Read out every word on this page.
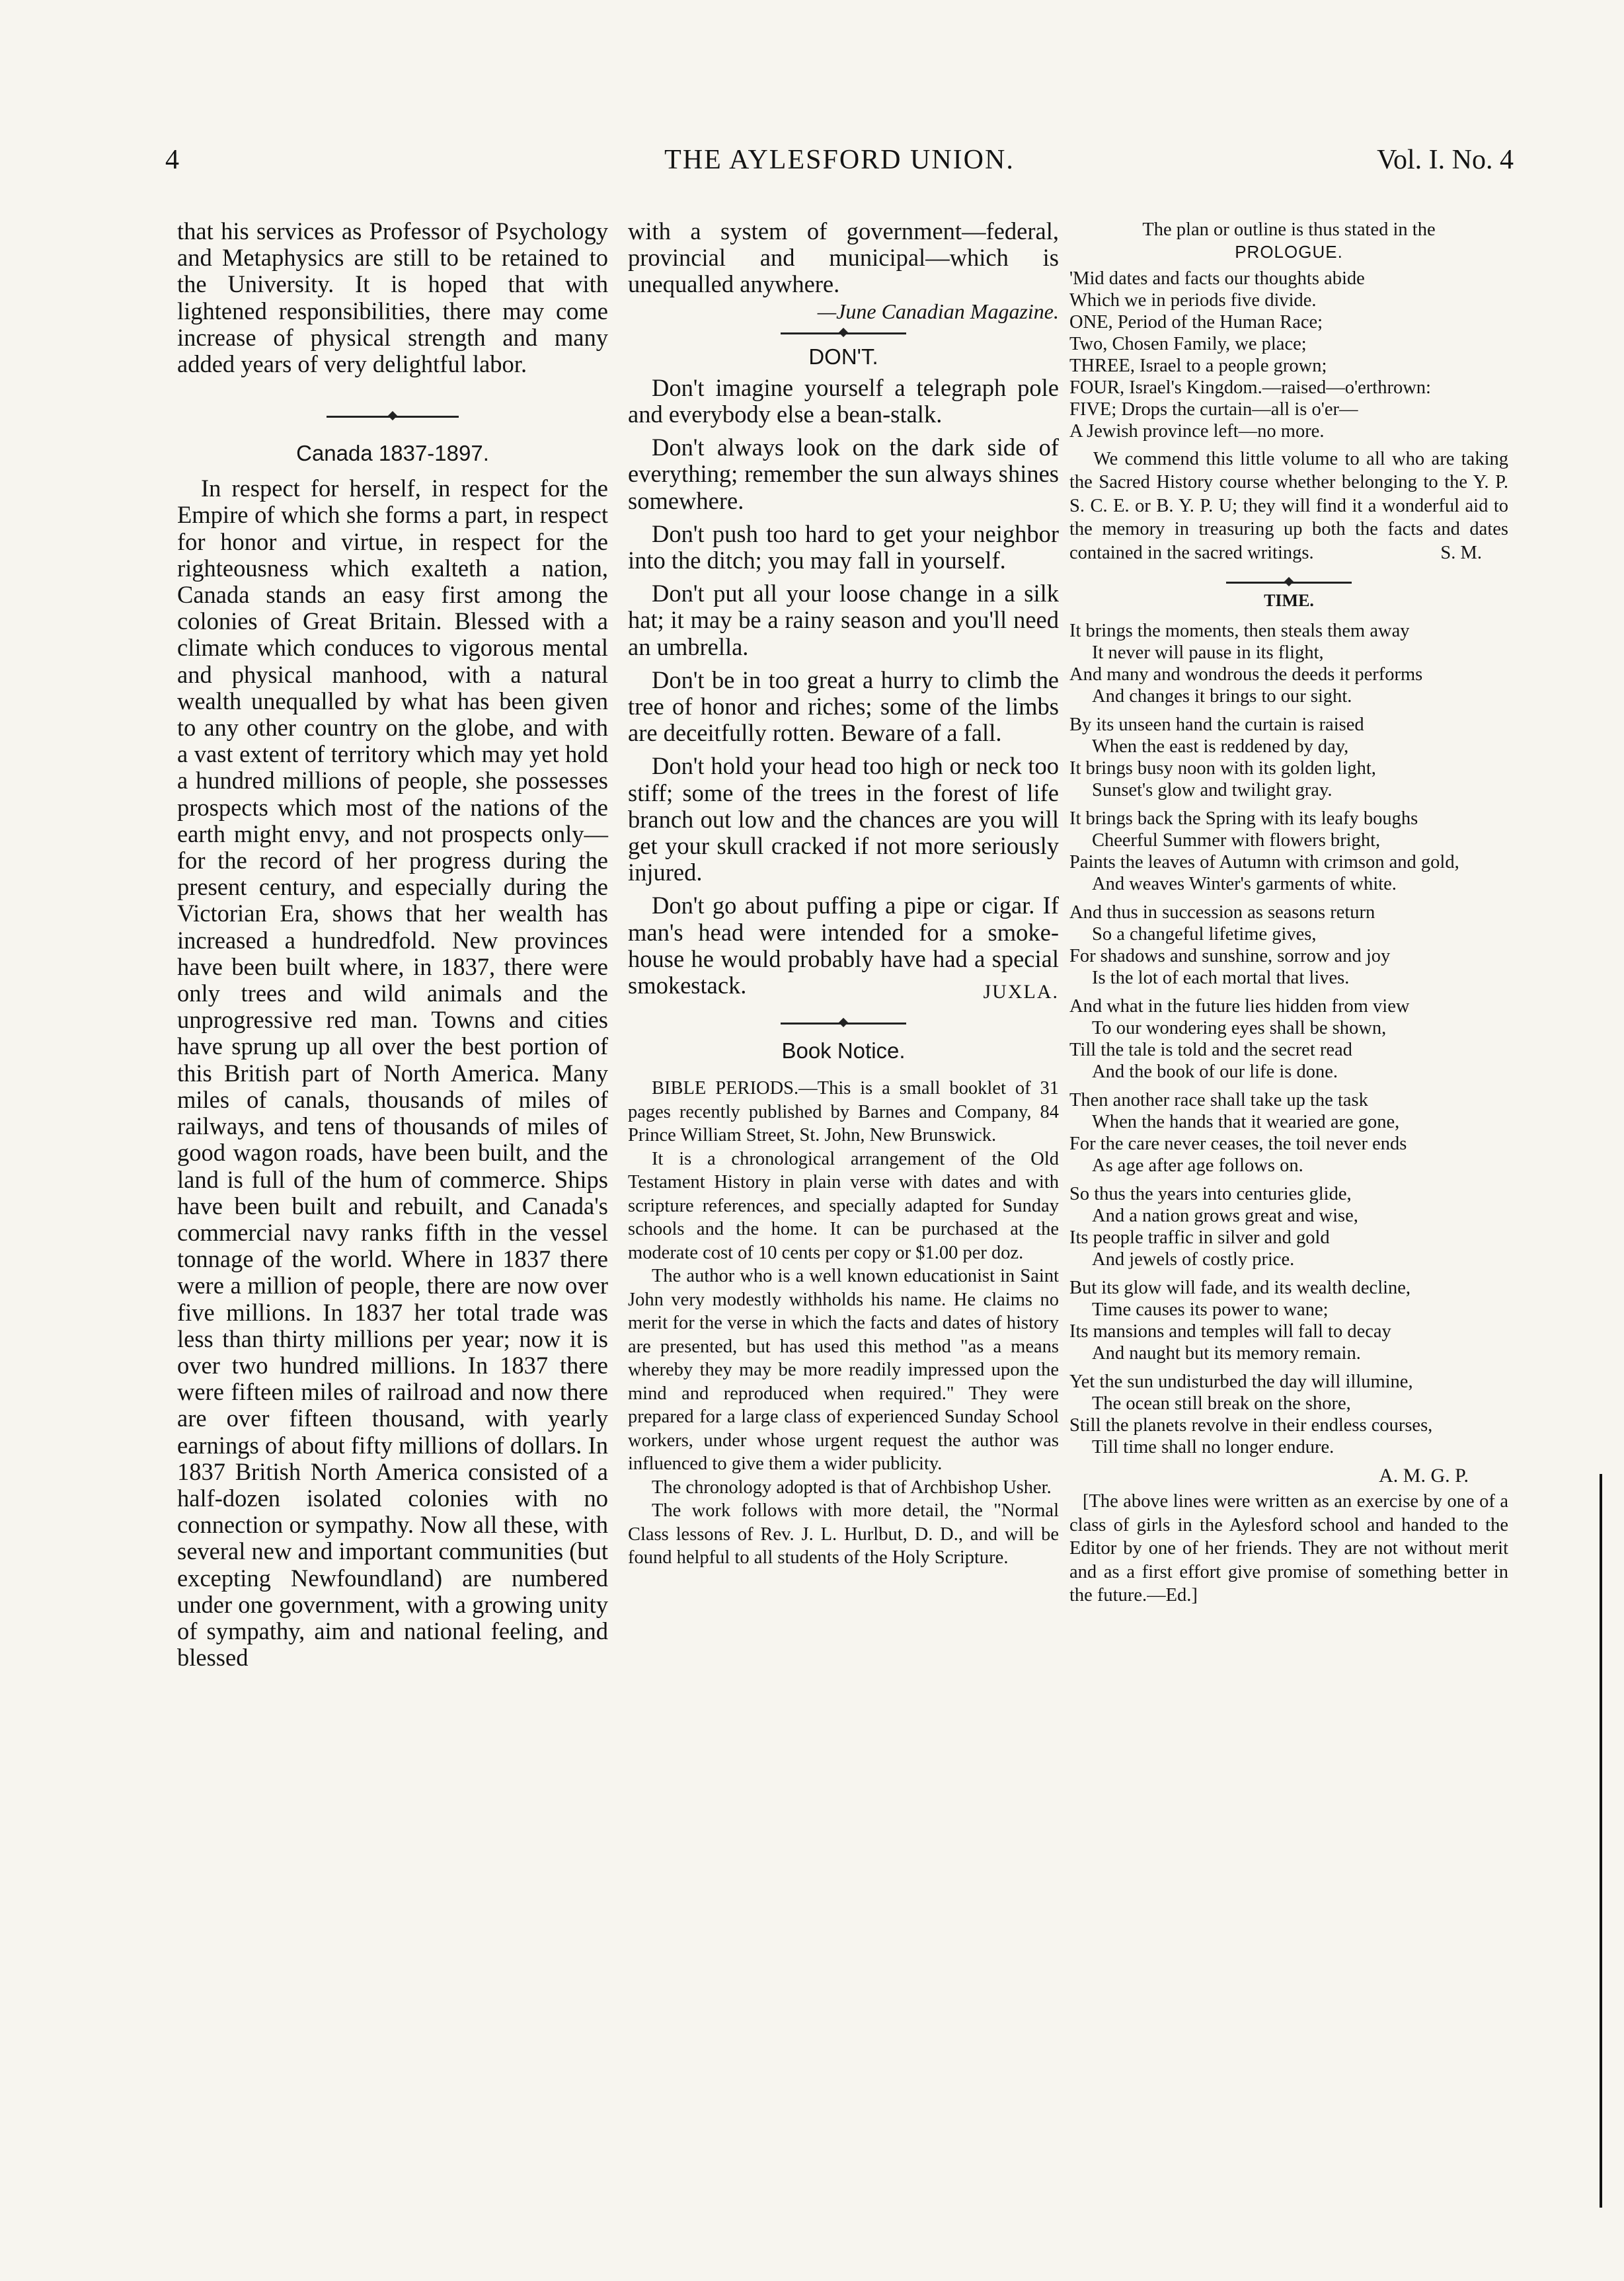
4	THE AYLESFORD UNION.	Vol. I. No. 4

that his services as Professor of Psychology and Metaphysics are still to be retained to the University. It is hoped that with lightened responsibilities, there may come increase of physical strength and many added years of very delightful labor.

Canada 1837-1897.

In respect for herself, in respect for the Empire of which she forms a part, in respect for honor and virtue, in respect for the righteousness which exalteth a nation, Canada stands an easy first among the colonies of Great Britain. Blessed with a climate which conduces to vigorous mental and physical manhood, with a natural wealth unequalled by what has been given to any other country on the globe, and with a vast extent of territory which may yet hold a hundred millions of people, she possesses prospects which most of the nations of the earth might envy, and not prospects only—for the record of her progress during the present century, and especially during the Victorian Era, shows that her wealth has increased a hundredfold. New provinces have been built where, in 1837, there were only trees and wild animals and the unprogressive red man. Towns and cities have sprung up all over the best portion of this British part of North America. Many miles of canals, thousands of miles of railways, and tens of thousands of miles of good wagon roads, have been built, and the land is full of the hum of commerce. Ships have been built and rebuilt, and Canada's commercial navy ranks fifth in the vessel tonnage of the world. Where in 1837 there were a million of people, there are now over five millions. In 1837 her total trade was less than thirty millions per year; now it is over two hundred millions. In 1837 there were fifteen miles of railroad and now there are over fifteen thousand, with yearly earnings of about fifty millions of dollars. In 1837 British North America consisted of a half-dozen isolated colonies with no connection or sympathy. Now all these, with several new and important communities (but excepting Newfoundland) are numbered under one government, with a growing unity of sympathy, aim and national feeling, and blessed

with a system of government—federal, provincial and municipal—which is unequalled anywhere.

—June Canadian Magazine.

DON'T.

Don't imagine yourself a telegraph pole and everybody else a bean-stalk.

Don't always look on the dark side of everything; remember the sun always shines somewhere.

Don't push too hard to get your neighbor into the ditch; you may fall in yourself.

Don't put all your loose change in a silk hat; it may be a rainy season and you'll need an umbrella.

Don't be in too great a hurry to climb the tree of honor and riches; some of the limbs are deceitfully rotten. Beware of a fall.

Don't hold your head too high or neck too stiff; some of the trees in the forest of life branch out low and the chances are you will get your skull cracked if not more seriously injured.

Don't go about puffing a pipe or cigar. If man's head were intended for a smoke-house he would probably have had a special smokestack.	JUXLA.

Book Notice.

BIBLE PERIODS.—This is a small booklet of 31 pages recently published by Barnes and Company, 84 Prince William Street, St. John, New Brunswick.

It is a chronological arrangement of the Old Testament History in plain verse with dates and with scripture references, and specially adapted for Sunday schools and the home. It can be purchased at the moderate cost of 10 cents per copy or $1.00 per doz.

The author who is a well known educationist in Saint John very modestly withholds his name. He claims no merit for the verse in which the facts and dates of history are presented, but has used this method "as a means whereby they may be more readily impressed upon the mind and reproduced when required." They were prepared for a large class of experienced Sunday School workers, under whose urgent request the author was influenced to give them a wider publicity.

The chronology adopted is that of Archbishop Usher.

The work follows with more detail, the "Normal Class lessons of Rev. J. L. Hurlbut, D. D., and will be found helpful to all students of the Holy Scripture.

The plan or outline is thus stated in the

PROLOGUE.

'Mid dates and facts our thoughts abide
Which we in periods five divide.
ONE, Period of the Human Race;
Two, Chosen Family, we place;
THREE, Israel to a people grown;
FOUR, Israel's Kingdom.—raised—o'erthrown:
FIVE; Drops the curtain—all is o'er—
A Jewish province left—no more.

We commend this little volume to all who are taking the Sacred History course whether belonging to the Y. P. S. C. E. or B. Y. P. U; they will find it a wonderful aid to the memory in treasuring up both the facts and dates contained in the sacred writings.	S. M.

TIME.

It brings the moments, then steals them away
It never will pause in its flight,
And many and wondrous the deeds it performs
And changes it brings to our sight.
By its unseen hand the curtain is raised
When the east is reddened by day,
It brings busy noon with its golden light,
Sunset's glow and twilight gray.
It brings back the Spring with its leafy boughs
Cheerful Summer with flowers bright,
Paints the leaves of Autumn with crimson and gold,
And weaves Winter's garments of white.
And thus in succession as seasons return
So a changeful lifetime gives,
For shadows and sunshine, sorrow and joy
Is the lot of each mortal that lives.
And what in the future lies hidden from view
To our wondering eyes shall be shown,
Till the tale is told and the secret read
And the book of our life is done.
Then another race shall take up the task
When the hands that it wearied are gone,
For the care never ceases, the toil never ends
As age after age follows on.
So thus the years into centuries glide,
And a nation grows great and wise,
Its people traffic in silver and gold
And jewels of costly price.
But its glow will fade, and its wealth decline,
Time causes its power to wane;
Its mansions and temples will fall to decay
And naught but its memory remain.
Yet the sun undisturbed the day will illumine,
The ocean still break on the shore,
Still the planets revolve in their endless courses,
Till time shall no longer endure.

A. M. G. P.

[The above lines were written as an exercise by one of a class of girls in the Aylesford school and handed to the Editor by one of her friends. They are not without merit and as a first effort give promise of something better in the future.—Ed.]
